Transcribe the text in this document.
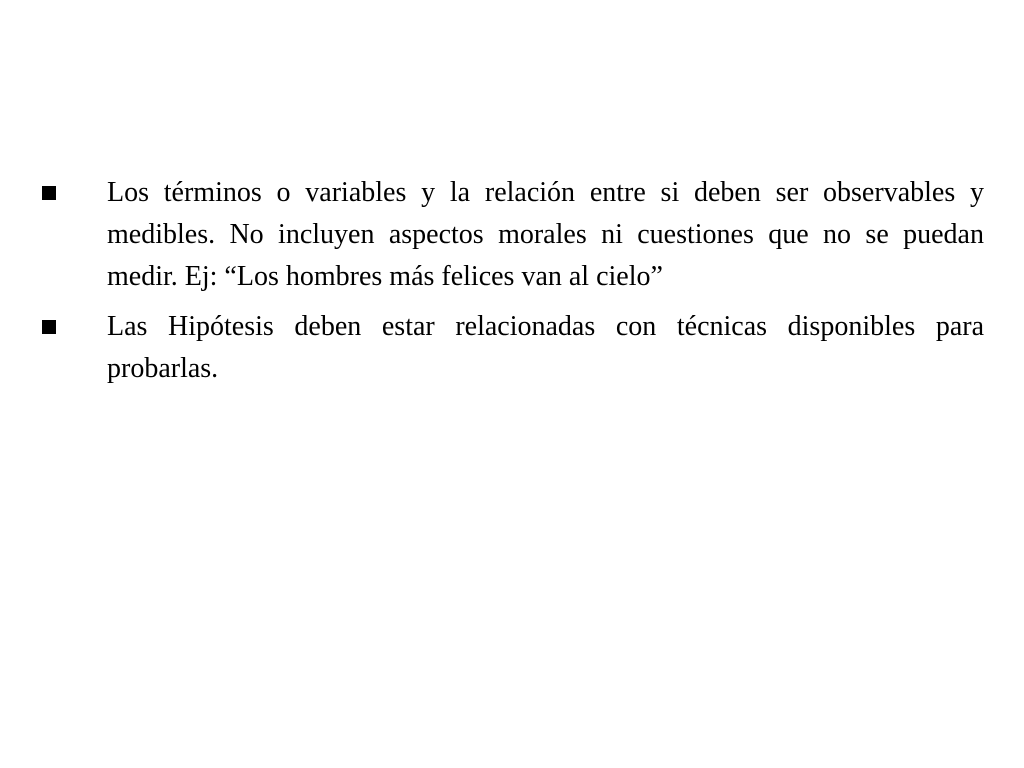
Los términos o variables y la relación entre si deben ser observables y medibles. No incluyen aspectos morales ni cuestiones que no se puedan medir. Ej: “Los hombres más felices van al cielo”
Las Hipótesis deben estar relacionadas con técnicas disponibles para probarlas.
